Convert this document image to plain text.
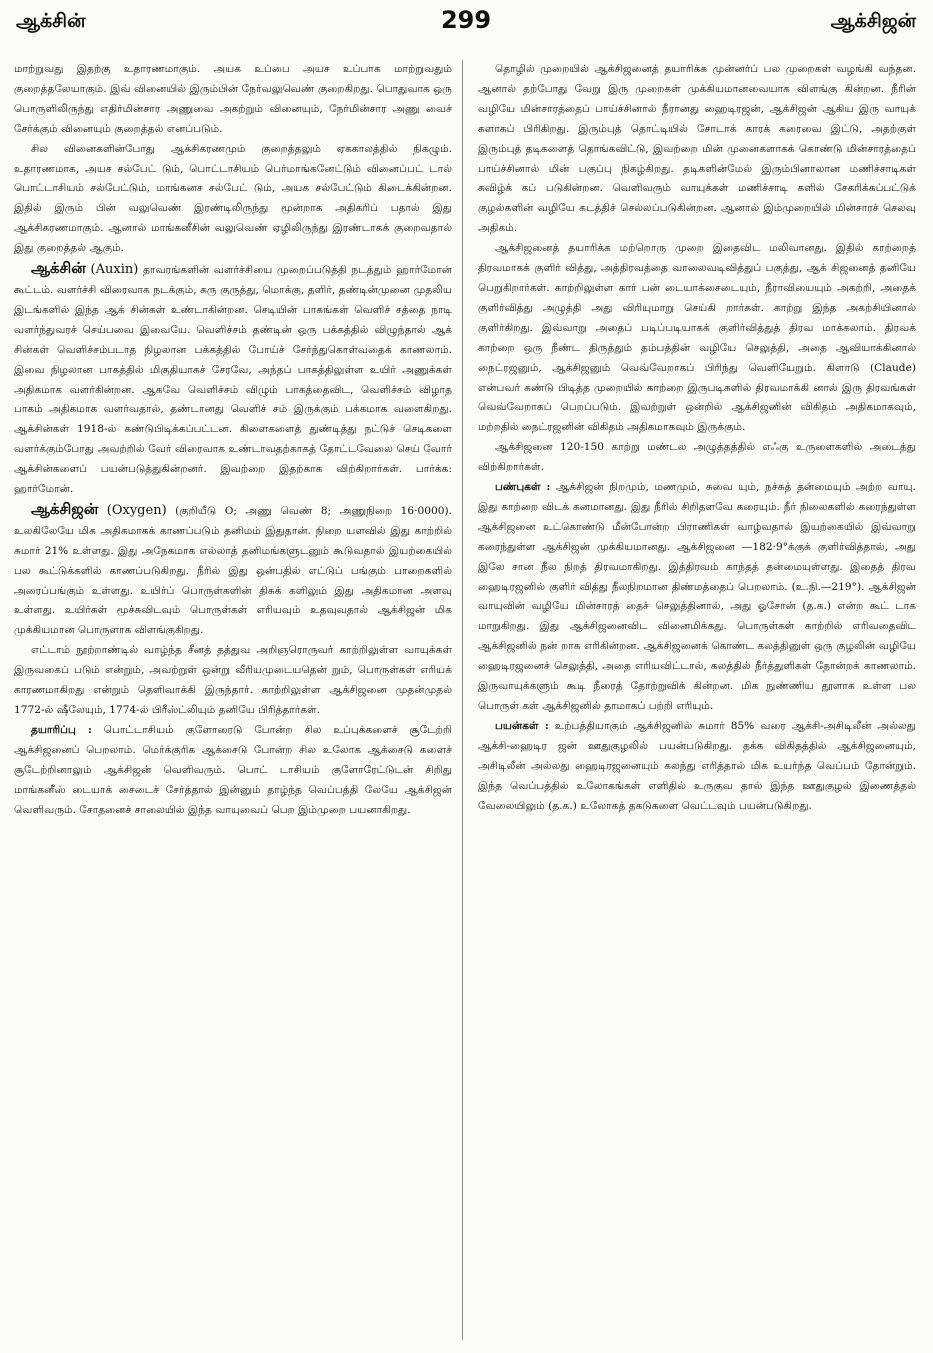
ஆக்சின்	299	ஆக்சிஜன்

மாற்றுவது இதற்கு உதாரணமாகும். அயக உப்பை அயச உப்பாக மாற்றுவதும் குறைத்தலேயாகும். இவ் வினையில் இரும்பின் நேர்வலுவெண் குறைகிறது. பொதுவாக ஒரு பொருளிலிருந்து எதிர்மின்சார அணுவை அகற்றும் வினையும், நேர்மின்சார அணு வைச் சேர்க்கும் வினையும் குறைத்தல் எனப்படும்.

சில வினைகளின்போது ஆக்சிகரணமும் குறைத்தலும் ஏககாலத்தில் நிகழும். உதாரணமாக, அயச சல்பேட் டும், பொட்டாசியம் பெர்மாங்கனேட்டும் வினைப்பட் டால் பொட்டாசியம் சல்பேட்டும், மாங்கனச சல்பேட் டும், அயக சல்பேட்டும் கிடைக்கின்றன. இதில் இரும் பின் வலுவெண் இரண்டிலிருந்து மூன்றாக அதிகரிப் பதால் இது ஆக்சிகரணமாகும். ஆனால் மாங்கனீசின் வலுவெண் ஏழிலிருந்து இரண்டாகக் குறைவதால் இது குறைத்தல் ஆகும்.

ஆக்சின் (Auxin) தாவரங்களின் வளர்ச்சியை முறைப்படுத்தி நடத்தும் ஹார்மோன் கூட்டம். வளர்ச்சி விரைவாக நடக்கும், கரு குருத்து, மொக்கு, தளிர், தண்டின்முனை முதலிய இடங்களில் இந்த ஆக் சின்கள் உண்டாகின்றன. செடியின் பாகங்கள் வெளிச் சத்தை நாடி வளர்ந்துவரச் செய்பவை இவையே. வெளிச்சம் தண்டின் ஒரு பக்கத்தில் விழுந்தால் ஆக் சின்கள் வெளிச்சம்படாத நிழலான பக்கத்தில் போய்ச் சேர்ந்துகொள்வதைக் காணலாம். இவை நிழலான பாகத்தில் மிகுதியாகச் சேரவே, அந்தப் பாகத்திலுள்ள உயிர் அணுக்கள் அதிகமாக வளர்கின்றன. ஆகவே வெளிச்சம் விழும் பாகத்தைவிட, வெளிச்சம் விழாத பாகம் அதிகமாக வளர்வதால், தண்டானது வெளிச் சம் இருக்கும் பக்கமாக வளைகிறது. ஆக்சின்கள் 1918-ல் கண்டுபிடிக்கப்பட்டன. கிளைகளைத் துண்டித்து நட்டுச் செடிகளை வளர்க்கும்போது அவற்றில் வேர் விரைவாக உண்டாவதற்காகத் தோட்டவேலை செய் வோர் ஆக்சின்களைப் பயன்படுத்துகின்றனர். இவற்றை இதற்காக விற்கிறார்கள். பார்க்க: ஹார்மோன்.

ஆக்சிஜன் (Oxygen) (குறியீடு O; அணு வெண் 8; அணுநிறை 16·0000). உலகிலேயே மிக அதிகமாகக் காணப்படும் தனிமம் இதுதான். நிறை யளவில் இது காற்றில் சுமார் 21% உள்ளது. இது அநேகமாக எல்லாத் தனிமங்களுடனும் கூடுவதால் இயற்கையில் பல கூட்டுக்களில் காணப்படுகிறது. நீரில் இது ஒன்பதில் எட்டுப் பங்கும் பாறைகளில் அரைப்பங்கும் உள்ளது. உயிர்ப் பொருள்களின் திசுக் களிலும் இது அதிகமான அளவு உள்ளது. உயிர்கள் மூச்சுவிடவும் பொருள்கள் எரியவும் உதவுவதால் ஆக்சிஜன் மிக முக்கியமான பொருளாக விளங்குகிறது.

எட்டாம் நூற்றாண்டில் வாழ்ந்த சீனத் தத்துவ அறிஞரொருவர் காற்றிலுள்ள வாயுக்கள் இருவகைப் படும் என்றும், அவற்றுள் ஒன்று வீரியமுடையதென் றும், பொருள்கள் எரியக் காரணமாகிறது என்றும் தெளிவாக்கி இருந்தார். காற்றிலுள்ள ஆக்சிஜனை முதன்முதல் 1772-ல் ஷீலேயும், 1774-ல் பிரீஸ்ட்லியும் தனியே பிரித்தார்கள்.

தயாரிப்பு : பொட்டாசியம் குளோரைடு போன்ற சில உப்புக்களைச் சூடேற்றி ஆக்சிஜனைப் பெறலாம். மெர்க்குரிக ஆக்சைடு போன்ற சில உலோக ஆக்சைடு களைச் சூடேற்றினாலும் ஆக்சிஜன் வெளிவரும். பொட் டாசியம் குளோரேட்டுடன் சிறிது மாங்கனீஸ் டையாக் சைடைச் சேர்த்தால் இன்னும் தாழ்ந்த வெப்பத்தி லேயே ஆக்சிஜன் வெளிவரும். சோதனைச் சாலையில் இந்த வாயுவைப் பெற இம்முறை பயனாகிறது.

தொழில் முறையில் ஆக்சிஜனைத் தயாரிக்க முன்னர்ப் பல முறைகள் வழங்கி வந்தன. ஆனால் தற்போது வேறு இரு முறைகள் முக்கியமானவையாக விளங்கு கின்றன. நீரின் வழியே மின்சாரத்தைப் பாய்ச்சினால் நீரானது ஹைடிரஜன், ஆக்சிஜன் ஆகிய இரு வாயுக் களாகப் பிரிகிறது. இரும்புத் தொட்டியில் சோடாக் காரக் கரைவை இட்டு, அதற்குள் இரும்புத் தடிகளைத் தொங்கவிட்டு, இவற்றை மின் முனைகளாகக் கொண்டு மின்சாரத்தைப் பாய்ச்சினால் மின் பகுப்பு நிகழ்கிறது. தடிகளின்மேல் இரும்பினாலான மணிச்சாடிகள் கவிழ்க் கப் படுகின்றன. வெளிவரும் வாயுக்கள் மணிச்சாடி களில் சேகரிக்கப்பட்டுக் குழல்களின் வழியே கடத்திச் செல்லப்படுகின்றன. ஆனால் இம்முறையில் மின்சாரச் செலவு அதிகம்.

ஆக்சிஜனைத் தயாரிக்க மற்றொரு முறை இதைவிட மலிவானது. இதில் காற்றைத் திரவமாகக் குளிர் வித்து, அத்திரவத்தை வாலைவடிவித்துப் பகுத்து, ஆக் சிஜனைத் தனியே பெறுகிறார்கள். காற்றிலுள்ள கார் பன் டையாக்சைடையும், நீராவியையும் அகற்றி, அதைக் குளிர்வித்து அழுத்தி அது விரியுமாறு செய்கி றார்கள். காற்று இந்த அகற்சியினால் குளிர்கிறது. இவ்வாறு அதைப் படிப்படியாகக் குளிர்வித்துத் திரவ மாக்கலாம். திரவக் காற்றை ஒரு நீண்ட திருத்தும் தம்பத்தின் வழியே செலுத்தி, அதை ஆவியாக்கினால் நைட்ரஜனும், ஆக்சிஜனும் வெவ்வேறாகப் பிரிந்து வெளியேறும். கிளாடு (Claude) என்பவர் கண்டு பிடித்த முறையில் காற்றை இருபடிகளில் திரவமாக்கி னால் இரு திரவங்கள் வெவ்வேறாகப் பெறப்படும். இவற்றுள் ஒன்றில் ஆக்சிஜனின் விகிதம் அதிகமாகவும், மற்றதில் நைட்ரஜனின் விகிதம் அதிகமாகவும் இருக்கும்.

ஆக்சிஜனை 120-150 காற்று மண்டல அழுத்தத்தில் எஃகு உருளைகளில் அடைத்து விற்கிறார்கள்.

பண்புகள் : ஆக்சிஜன் நிறமும், மணமும், சுவை யும், நச்சுத் தன்மையும் அற்ற வாயு. இது காற்றை விடக் கனமானது. இது நீரில் சிறிதளவே கரையும். நீர் நிலைகளில் கரைந்துள்ள ஆக்சிஜனை உட்கொண்டு மீன்போன்ற பிராணிகள் வாழ்வதால் இயற்கையில் இவ்வாறு கரைந்துள்ள ஆக்சிஜன் முக்கியமானது. ஆக்சிஜனை —182·9°க்குக் குளிர்வித்தால், அது இலே சான நீல நிறத் திரவமாகிறது. இத்திரவம் காந்தத் தன்மையுள்ளது. இதைத் திரவ ஹைடிரஜனில் குளிர் வித்து நீலநிறமான திண்மத்தைப் பெறலாம். (உ.நி.—219°). ஆக்சிஜன் வாயுவின் வழியே மின்சாரத் தைச் செலுத்தினால், அது ஓசோன் (த.க.) என்ற கூட் டாக மாறுகிறது. இது ஆக்சிஜனைவிட வினைமிக்கது. பொருள்கள் காற்றில் எரிவதைவிட ஆக்சிஜனில் நன் றாக எரிகின்றன. ஆக்சிஜனைக் கொண்ட கலத்தினுள் ஒரு குழலின் வழியே ஹைடிரஜனைச் செலுத்தி, அதை எரியவிட்டால், கலத்தில் நீர்த்துளிகள் தோன்றக் காணலாம். இருவாயுக்களும் கூடி நீரைத் தோற்றுவிக் கின்றன. மிக நுண்ணிய தூளாக உள்ள பல பொருள் கள் ஆக்சிஜனில் தாமாகப் பற்றி எரியும்.

பயன்கள் : உற்பத்தியாகும் ஆக்சிஜனில் சுமார் 85% வரை ஆக்சி-அசிடிலீன் அல்லது ஆக்சி-ஹைடிர ஜன் ஊதுகுழலில் பயன்படுகிறது. தக்க விகிதத்தில் ஆக்சிஜனையும், அசிடிலீன் அல்லது ஹைடிரஜனையும் கலந்து எரித்தால் மிக உயர்ந்த வெப்பம் தோன்றும். இந்த வெப்பத்தில் உலோகங்கள் எளிதில் உருகுவ தால் இந்த ஊதுகுழல் இணைத்தல் வேலையிலும் (த.க.) உலோகத் தகடுகளை வெட்டவும் பயன்படுகிறது.
